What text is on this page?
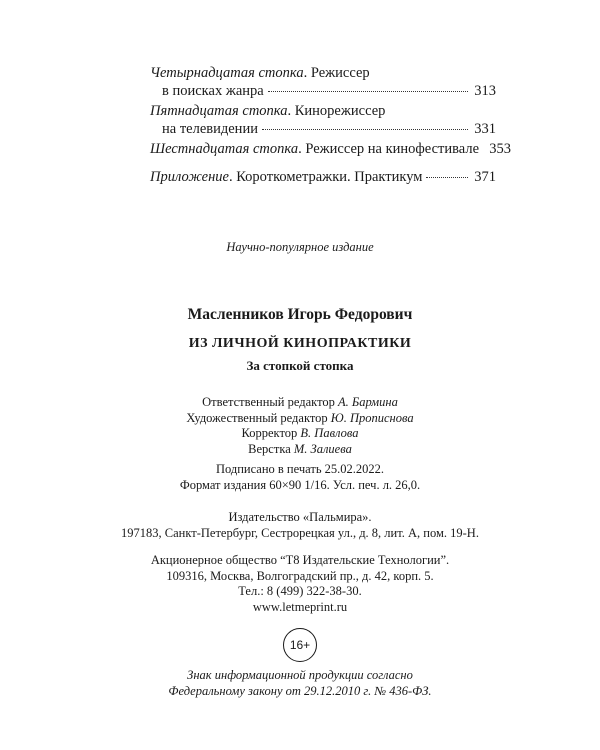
Четырнадцатая стопка. Режиссер
в поисках жанра	313
Пятнадцатая стопка. Кинорежиссер
на телевидении	331
Шестнадцатая стопка. Режиссер на кинофестивале 353
Приложение. Короткометражки. Практикум	371
Научно-популярное издание
Масленников Игорь Федорович
ИЗ ЛИЧНОЙ КИНОПРАКТИКИ
За стопкой стопка
Ответственный редактор А. Бармина
Художественный редактор Ю. Прописнова
Корректор В. Павлова
Верстка М. Залиева
Подписано в печать 25.02.2022.
Формат издания 60×90 1/16. Усл. печ. л. 26,0.
Издательство «Пальмира».
197183, Санкт-Петербург, Сестрорецкая ул., д. 8, лит. А, пом. 19-Н.
Акционерное общество “Т8 Издательские Технологии”.
109316, Москва, Волгоградский пр., д. 42, корп. 5.
Тел.: 8 (499) 322-38-30.
www.letmeprint.ru
16+
Знак информационной продукции согласно
Федеральному закону от 29.12.2010 г. № 436-ФЗ.
